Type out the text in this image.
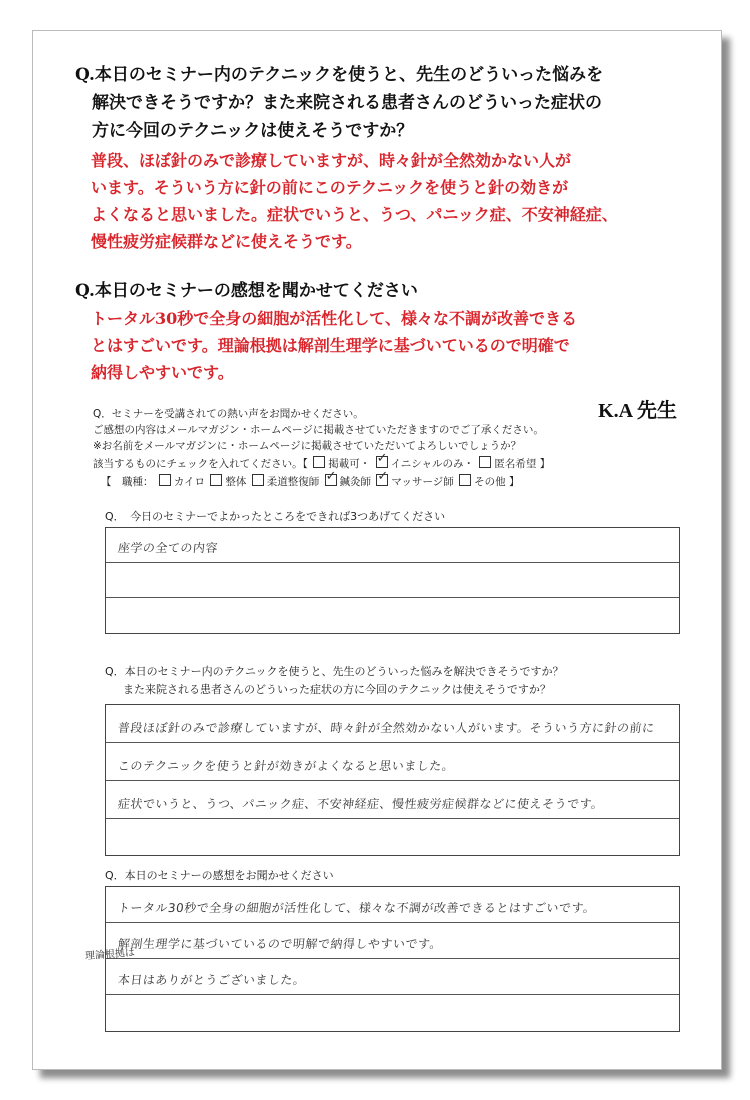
Q.本日のセミナー内のテクニックを使うと、先生のどういった悩みを
解決できそうですか？また来院される患者さんのどういった症状の
方に今回のテクニックは使えそうですか？
普段、ほぼ針のみで診療していますが、時々針が全然効かない人が
います。そういう方に針の前にこのテクニックを使うと針の効きが
よくなると思いました。症状でいうと、うつ、パニック症、不安神経症、
慢性疲労症候群などに使えそうです。
Q.本日のセミナーの感想を聞かせてください
トータル30秒で全身の細胞が活性化して、様々な不調が改善できる
とはすごいです。理論根拠は解剖生理学に基づいているので明確で
納得しやすいです。
K.A 先生
Q．セミナーを受講されての熱い声をお聞かせください。
ご感想の内容はメールマガジン・ホームページに掲載させていただきますのでご了承ください。
※お名前をメールマガジンに・ホームページに掲載させていただいてよろしいでしょうか？
該当するものにチェックを入れてください。【 掲載可・ ✓ イニシャルのみ・ 匿名希望 】
【　職種： カイロ 整体 柔道整復師 ✓ 鍼灸師 ✓ マッサージ師 その他 】
Q．　今日のセミナーでよかったところをできれば3つあげてください
座学の全ての内容
Q．本日のセミナー内のテクニックを使うと、先生のどういった悩みを解決できそうですか？
また来院される患者さんのどういった症状の方に今回のテクニックは使えそうですか？
普段ほぼ針のみで診療していますが、時々針が全然効かない人がいます。そういう方に針の前に
このテクニックを使うと針が効きがよくなると思いました。
症状でいうと、うつ、パニック症、不安神経症、慢性疲労症候群などに使えそうです。
Q．本日のセミナーの感想をお聞かせください
トータル30秒で全身の細胞が活性化して、様々な不調が改善できるとはすごいです。
解剖生理学に基づいているので明解で納得しやすいです。
本日はありがとうございました。
理論根拠は
